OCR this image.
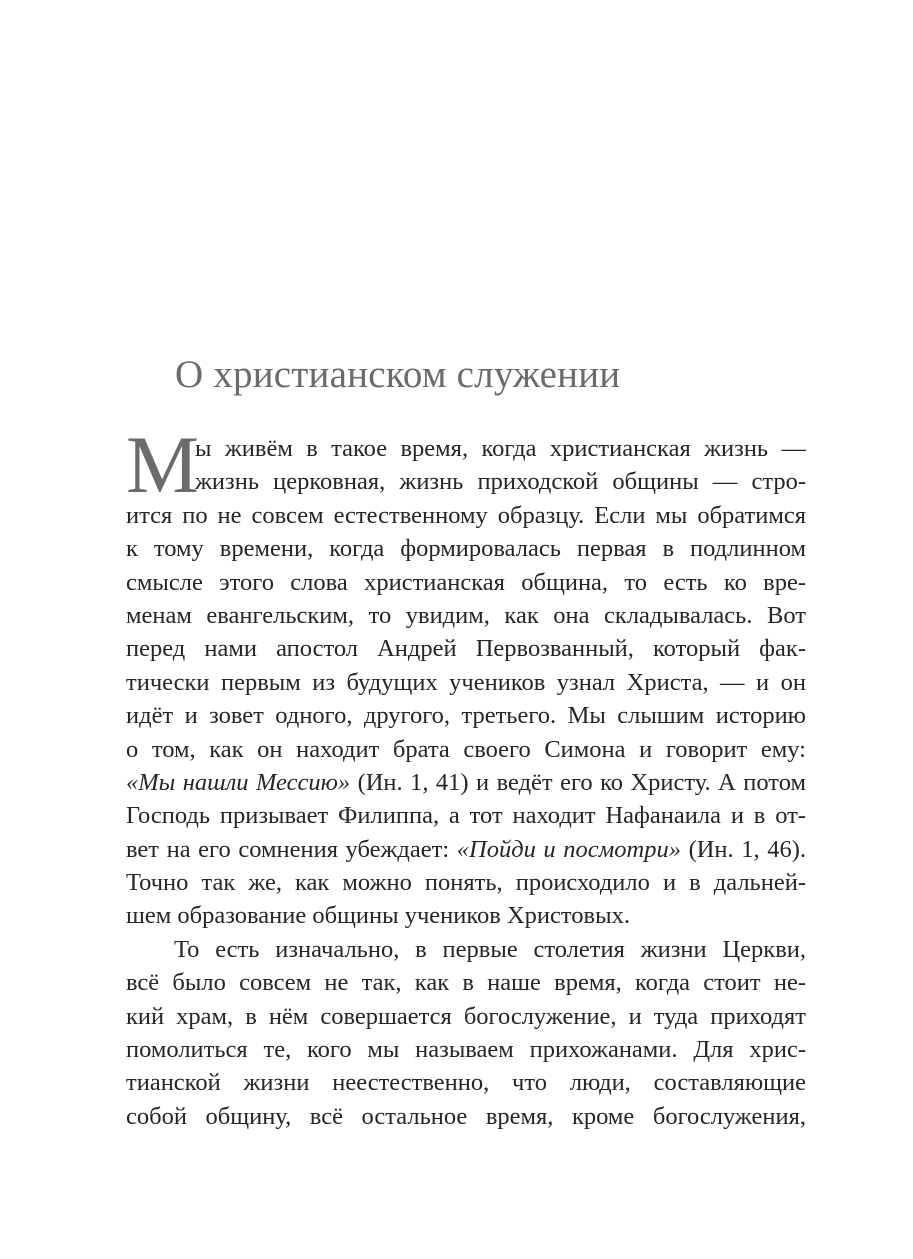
О христианском служении
М
ы живём в такое время, когда христианская жизнь —
жизнь церковная, жизнь приходской общины — стро-
ится по не совсем естественному образцу. Если мы обратимся
к тому времени, когда формировалась первая в подлинном
смысле этого слова христианская община, то есть ко вре-
менам евангельским, то увидим, как она складывалась. Вот
перед нами апостол Андрей Первозванный, который фак-
тически первым из будущих учеников узнал Христа, — и он
идёт и зовет одного, другого, третьего. Мы слышим историю
о том, как он находит брата своего Симона и говорит ему:
«Мы нашли Мессию» (Ин. 1, 41) и ведёт его ко Христу. А потом
Господь призывает Филиппа, а тот находит Нафанаила и в от-
вет на его сомнения убеждает: «Пойди и посмотри» (Ин. 1, 46).
Точно так же, как можно понять, происходило и в дальней-
шем образование общины учеников Христовых.
То есть изначально, в первые столетия жизни Церкви,
всё было совсем не так, как в наше время, когда стоит не-
кий храм, в нём совершается богослужение, и туда приходят
помолиться те, кого мы называем прихожанами. Для хрис-
тианской жизни неестественно, что люди, составляющие
собой общину, всё остальное время, кроме богослужения,
